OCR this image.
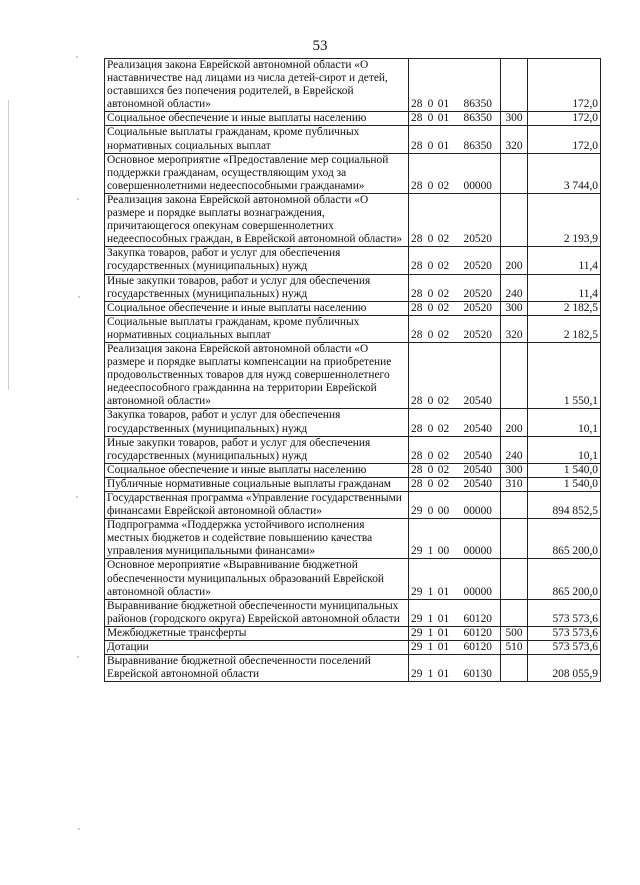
53
Реализация закона Еврейской автономной области «О наставничестве над лицами из числа детей-сирот и детей, оставшихся без попечения родителей, в Еврейской автономной области»	28 0 01 86350		172,0
Социальное обеспечение и иные выплаты населению	28 0 01 86350	300	172,0
Социальные выплаты гражданам, кроме публичных нормативных социальных выплат	28 0 01 86350	320	172,0
Основное мероприятие «Предоставление мер социальной поддержки гражданам, осуществляющим уход за совершеннолетними недееспособными гражданами»	28 0 02 00000		3 744,0
Реализация закона Еврейской автономной области «О размере и порядке выплаты вознаграждения, причитающегося опекунам совершеннолетних недееспособных граждан, в Еврейской автономной области»	28 0 02 20520		2 193,9
Закупка товаров, работ и услуг для обеспечения государственных (муниципальных) нужд	28 0 02 20520	200	11,4
Иные закупки товаров, работ и услуг для обеспечения государственных (муниципальных) нужд	28 0 02 20520	240	11,4
Социальное обеспечение и иные выплаты населению	28 0 02 20520	300	2 182,5
Социальные выплаты гражданам, кроме публичных нормативных социальных выплат	28 0 02 20520	320	2 182,5
Реализация закона Еврейской автономной области «О размере и порядке выплаты компенсации на приобретение продовольственных товаров для нужд совершеннолетнего недееспособного гражданина на территории Еврейской автономной области»	28 0 02 20540		1 550,1
Закупка товаров, работ и услуг для обеспечения государственных (муниципальных) нужд	28 0 02 20540	200	10,1
Иные закупки товаров, работ и услуг для обеспечения государственных (муниципальных) нужд	28 0 02 20540	240	10,1
Социальное обеспечение и иные выплаты населению	28 0 02 20540	300	1 540,0
Публичные нормативные социальные выплаты гражданам	28 0 02 20540	310	1 540,0
Государственная программа «Управление государственными финансами Еврейской автономной области»	29 0 00 00000		894 852,5
Подпрограмма «Поддержка устойчивого исполнения местных бюджетов и содействие повышению качества управления муниципальными финансами»	29 1 00 00000		865 200,0
Основное мероприятие «Выравнивание бюджетной обеспеченности муниципальных образований Еврейской автономной области»	29 1 01 00000		865 200,0
Выравнивание бюджетной обеспеченности муниципальных районов (городского округа) Еврейской автономной области	29 1 01 60120		573 573,6
Межбюджетные трансферты	29 1 01 60120	500	573 573,6
Дотации	29 1 01 60120	510	573 573,6
Выравнивание бюджетной обеспеченности поселений Еврейской автономной области	29 1 01 60130		208 055,9
